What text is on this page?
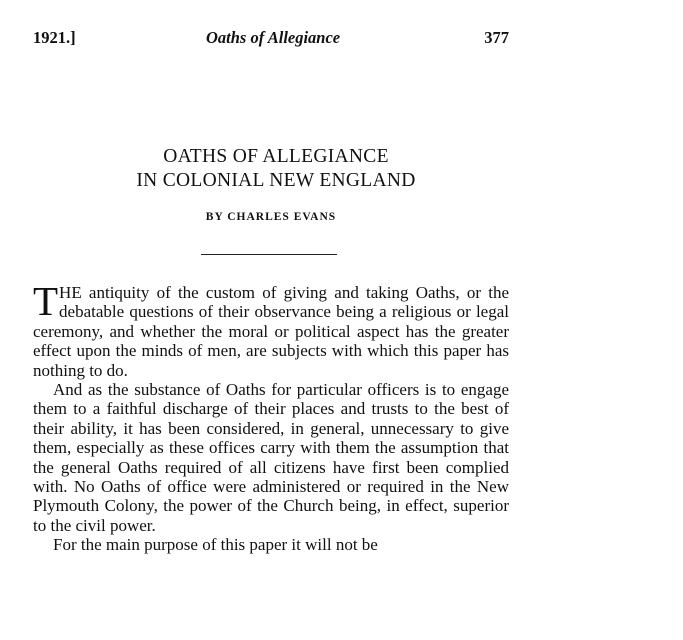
1921.]	Oaths of Allegiance	377
OATHS OF ALLEGIANCE
IN COLONIAL NEW ENGLAND
BY CHARLES EVANS

THE antiquity of the custom of giving and taking Oaths, or the debatable questions of their observance being a religious or legal ceremony, and whether the moral or political aspect has the greater effect upon the minds of men, are subjects with which this paper has nothing to do.

And as the substance of Oaths for particular officers is to engage them to a faithful discharge of their places and trusts to the best of their ability, it has been considered, in general, unnecessary to give them, especially as these offices carry with them the assumption that the general Oaths required of all citizens have first been complied with. No Oaths of office were administered or required in the New Plymouth Colony, the power of the Church being, in effect, superior to the civil power.

For the main purpose of this paper it will not be
